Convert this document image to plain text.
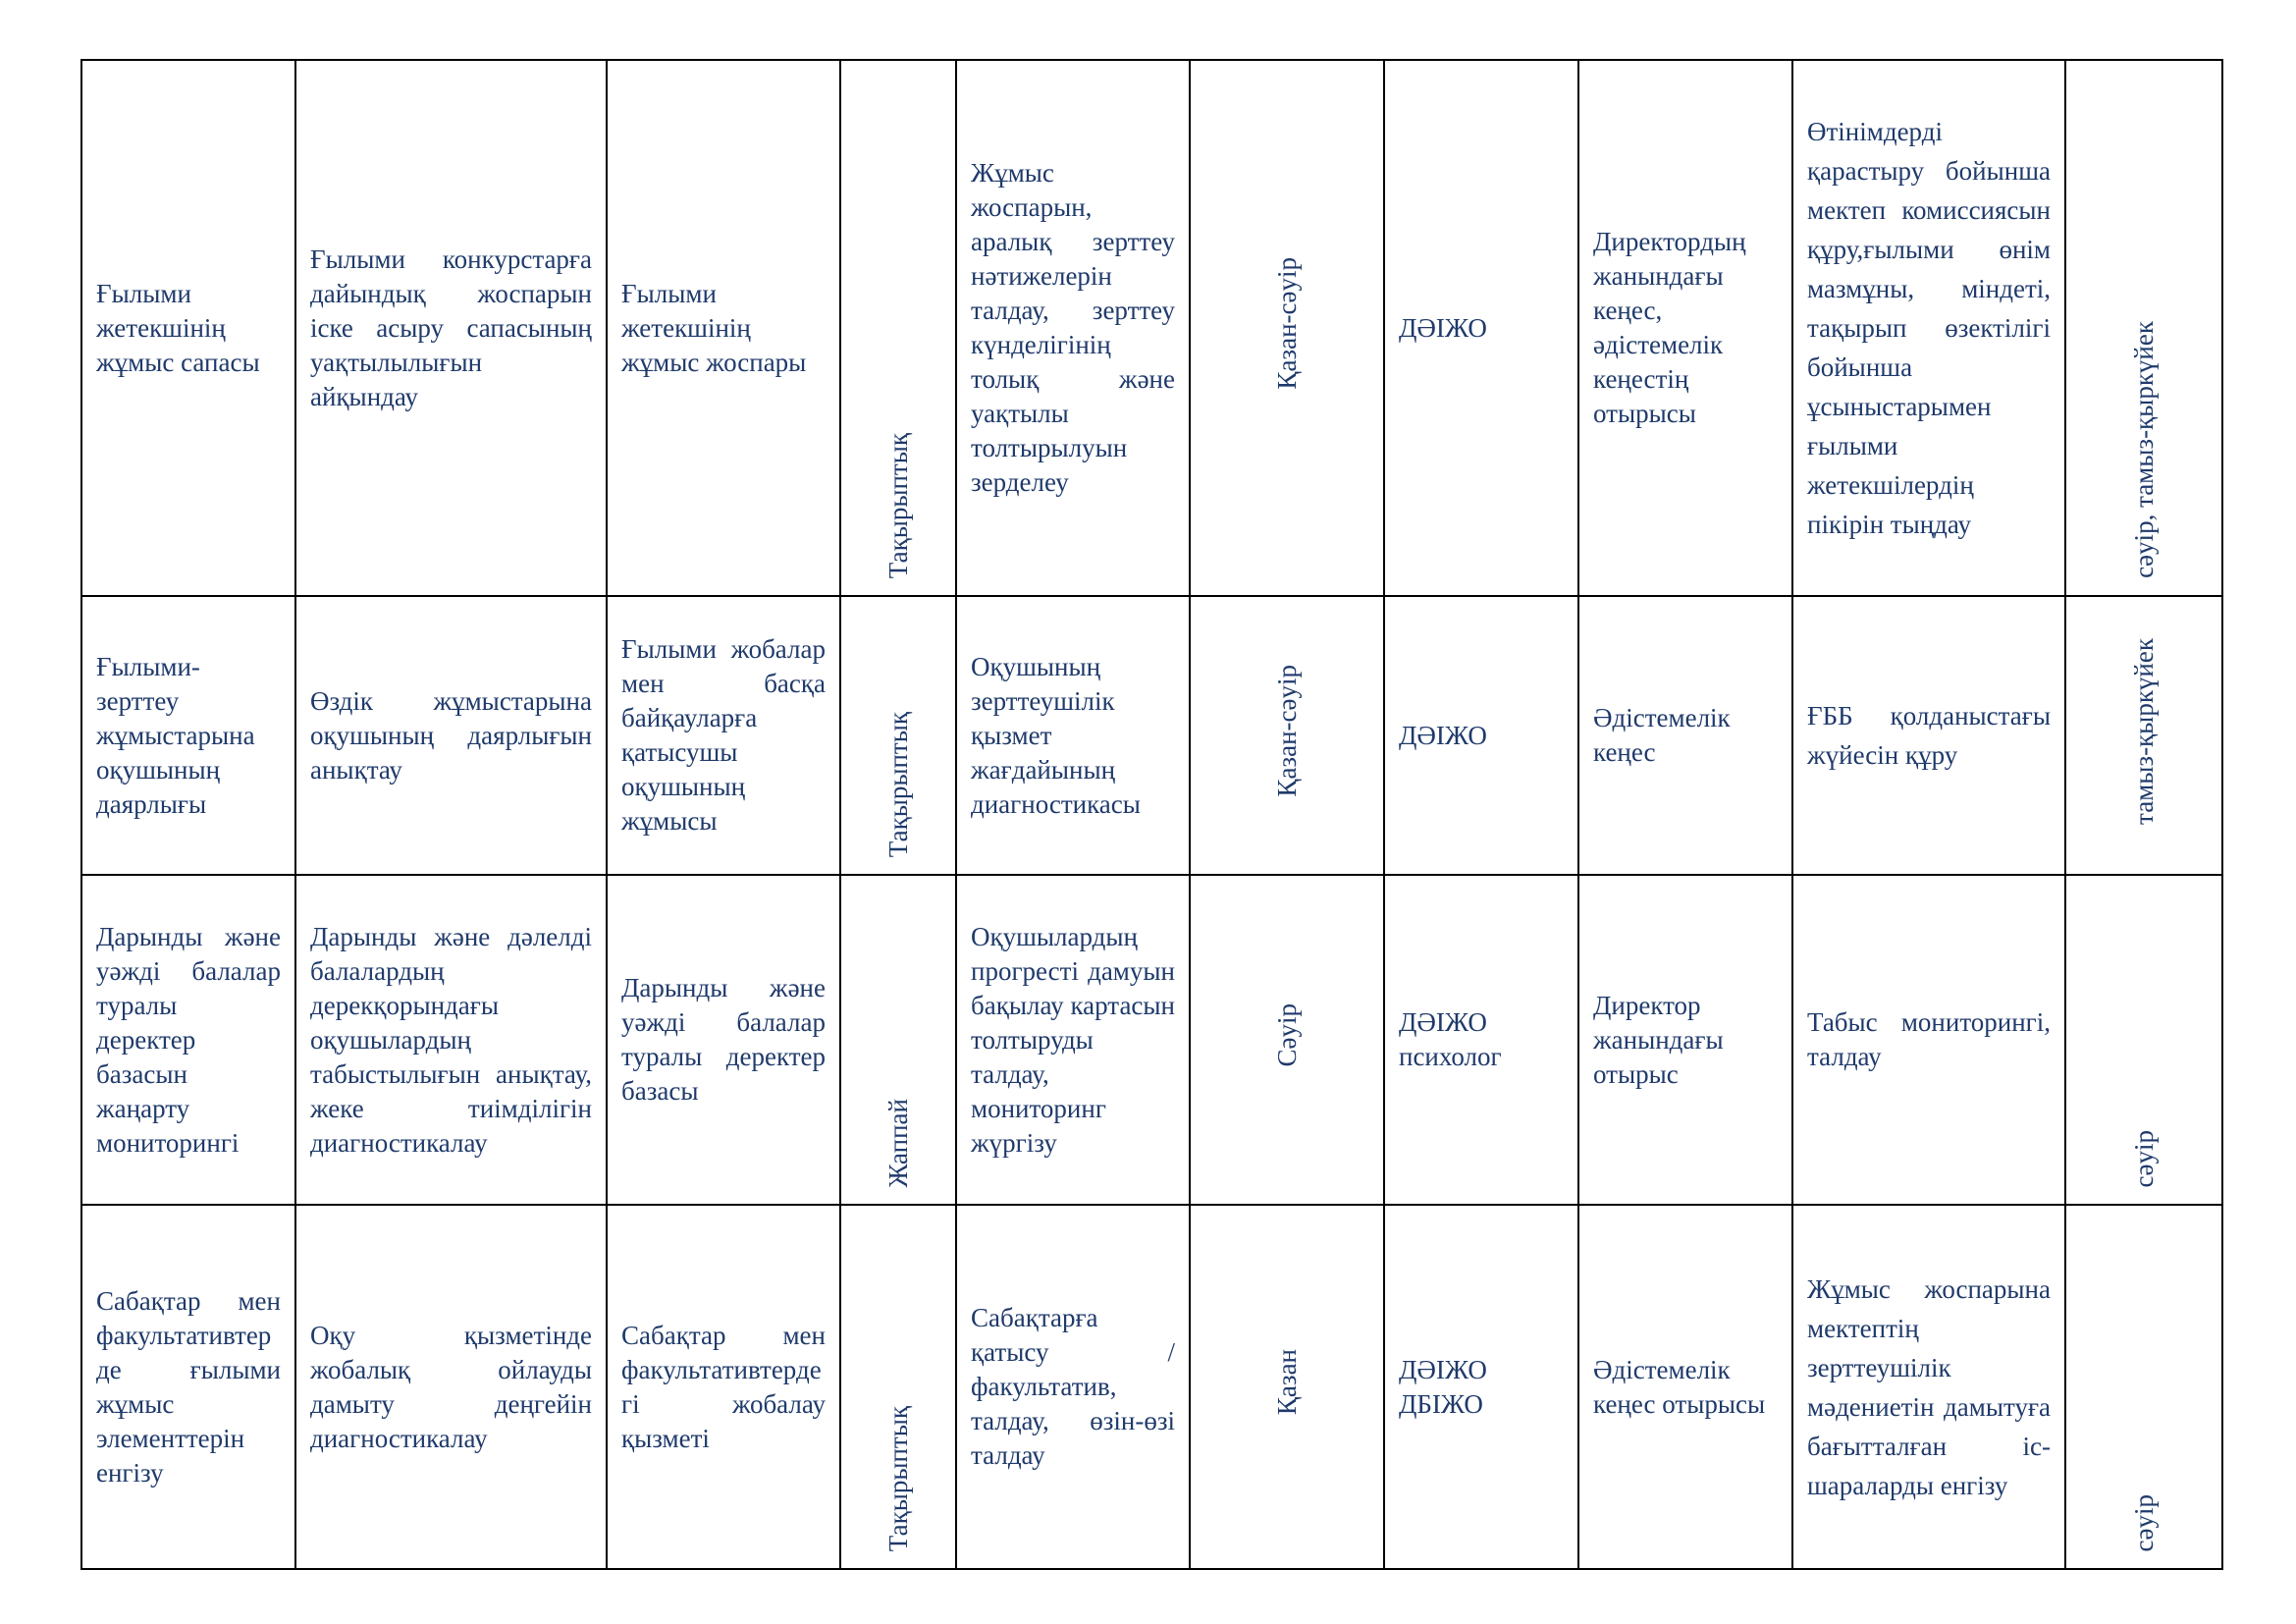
Ғылыми жетекшінің жұмыс сапасы	Ғылыми конкурстарға дайындық жоспарын іске асыру сапасының уақтылылығын айқындау	Ғылыми жетекшінің жұмыс жоспары	Тақырыптық	Жұмыс жоспарын, аралық зерттеу нәтижелерін талдау, зерттеу күнделігінің толық және уақтылы толтырылуын зерделеу	Қазан-сәуір	ДӘІЖО	Директордың жанындағы кеңес, әдістемелік кеңестің отырысы	Өтінімдерді қарастыру бойынша мектеп комиссиясын құру,ғылыми өнім мазмұны, міндеті, тақырып өзектілігі бойынша ұсыныстарымен ғылыми жетекшілердің пікірін тыңдау	сәуір, тамыз-қыркүйек
Ғылыми-зерттеу жұмыстарына оқушының даярлығы	Өздік жұмыстарына оқушының даярлығын анықтау	Ғылыми жобалар мен басқа байқауларға қатысушы оқушының жұмысы	Тақырыптық	Оқушының зерттеушілік қызмет жағдайының диагностикасы	Қазан-сәуір	ДӘІЖО	Әдістемелік кеңес	ҒББ қолданыстағы жүйесін құру	тамыз-қыркүйек
Дарынды және уәжді балалар туралы деректер базасын жаңарту мониторингі	Дарынды және дәлелді балалардың дерекқорындағы оқушылардың табыстылығын анықтау, жеке тиімділігін диагностикалау	Дарынды және уәжді балалар туралы деректер базасы	Жаппай	Оқушылардың прогресті дамуын бақылау картасын толтыруды талдау, мониторинг жүргізу	Сәуір	ДӘІЖО психолог	Директор жанындағы отырыс	Табыс мониторингі, талдау	сәуір
Сабақтар мен факультативтерде ғылыми жұмыс элементтерін енгізу	Оқу қызметінде жобалық ойлауды дамыту деңгейін диагностикалау	Сабақтар мен факультативтердегі жобалау қызметі	Тақырыптық	Сабақтарға қатысу / факультатив, талдау, өзін-өзі талдау	Қазан	ДӘІЖО ДБІЖО	Әдістемелік кеңес отырысы	Жұмыс жоспарына мектептің зерттеушілік мәдениетін дамытуға бағытталған іс-шараларды енгізу	сәуір
